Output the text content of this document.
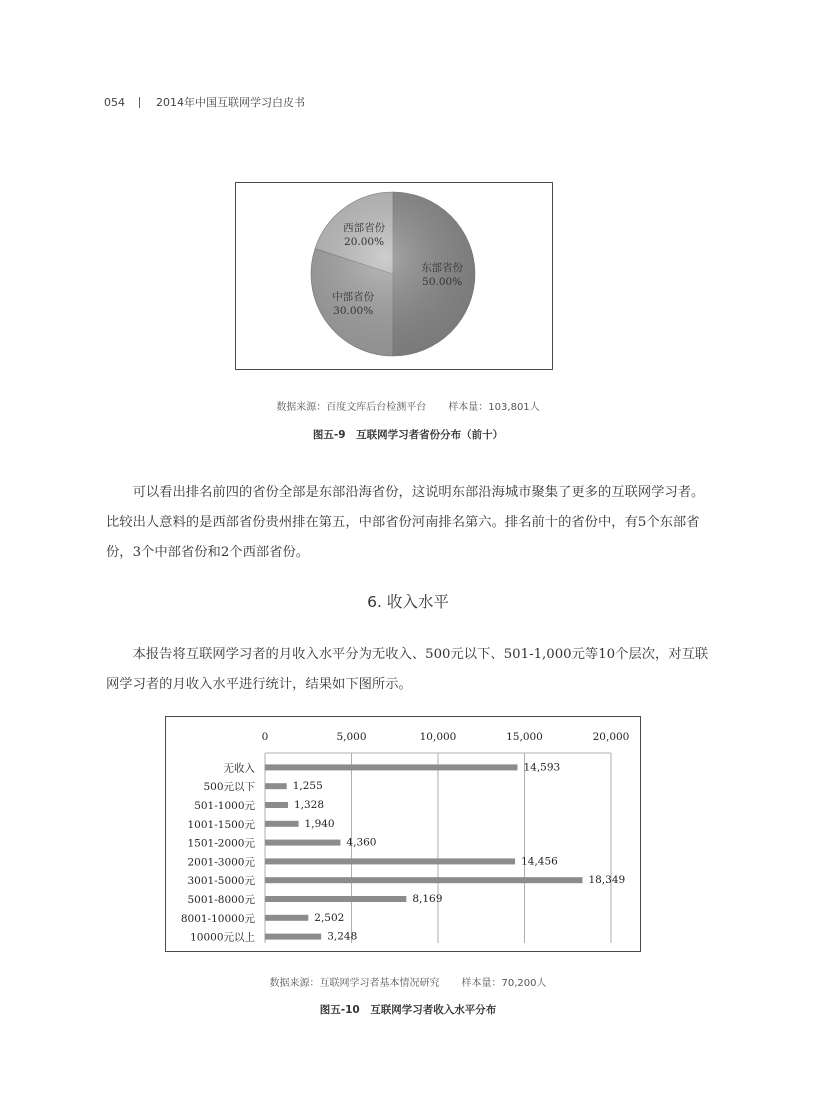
054	2014年中国互联网学习白皮书
东部省份
50.00%
中部省份
30.00%
西部省份
20.00%
数据来源：百度文库后台检测平台 样本量：103,801人
图五-9　互联网学习者省份分布（前十）

可以看出排名前四的省份全部是东部沿海省份，这说明东部沿海城市聚集了更多的互联网学习者。比较出人意料的是西部省份贵州排在第五，中部省份河南排名第六。排名前十的省份中，有5个东部省份，3个中部省份和2个西部省份。

6. 收入水平

本报告将互联网学习者的月收入水平分为无收入、500元以下、501-1,000元等10个层次，对互联网学习者的月收入水平进行统计，结果如下图所示。

0	5,000	10,000	15,000	20,000
无收入
500元以下
501-1000元
1001-1500元
1501-2000元
2001-3000元
3001-5000元
5001-8000元
8001-10000元
10000元以上
14,593
1,255
1,328
1,940
4,360
14,456
18,349
8,169
2,502
3,248
数据来源：互联网学习者基本情况研究 样本量：70,200人
图五-10　互联网学习者收入水平分布
